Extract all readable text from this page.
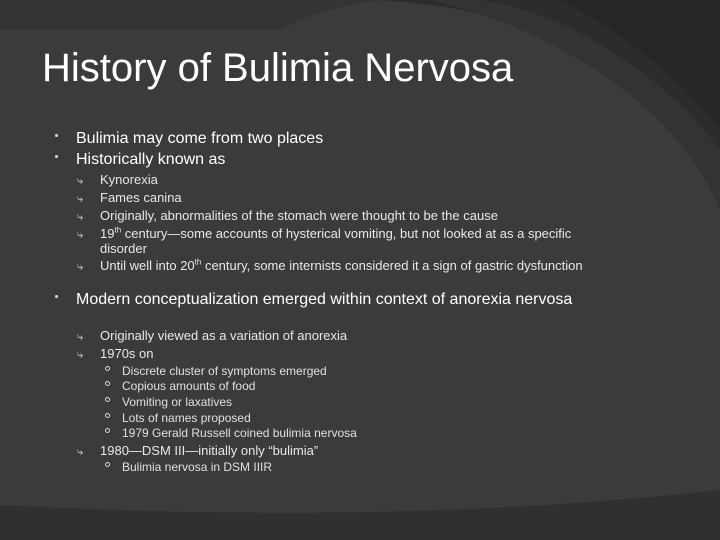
History of Bulimia Nervosa
Bulimia may come from two places
Historically known as
⤷ Kynorexia
⤷ Fames canina
⤷ Originally, abnormalities of the stomach were thought to be the cause
⤷ 19th century—some accounts of hysterical vomiting, but not looked at as a specific disorder
⤷ Until well into 20th century, some internists considered it a sign of gastric dysfunction
Modern conceptualization emerged within context of anorexia nervosa
⤷ Originally viewed as a variation of anorexia
⤷ 1970s on
Discrete cluster of symptoms emerged
Copious amounts of food
Vomiting or laxatives
Lots of names proposed
1979 Gerald Russell coined bulimia nervosa
⤷ 1980—DSM III—initially only “bulimia”
Bulimia nervosa in DSM IIIR
